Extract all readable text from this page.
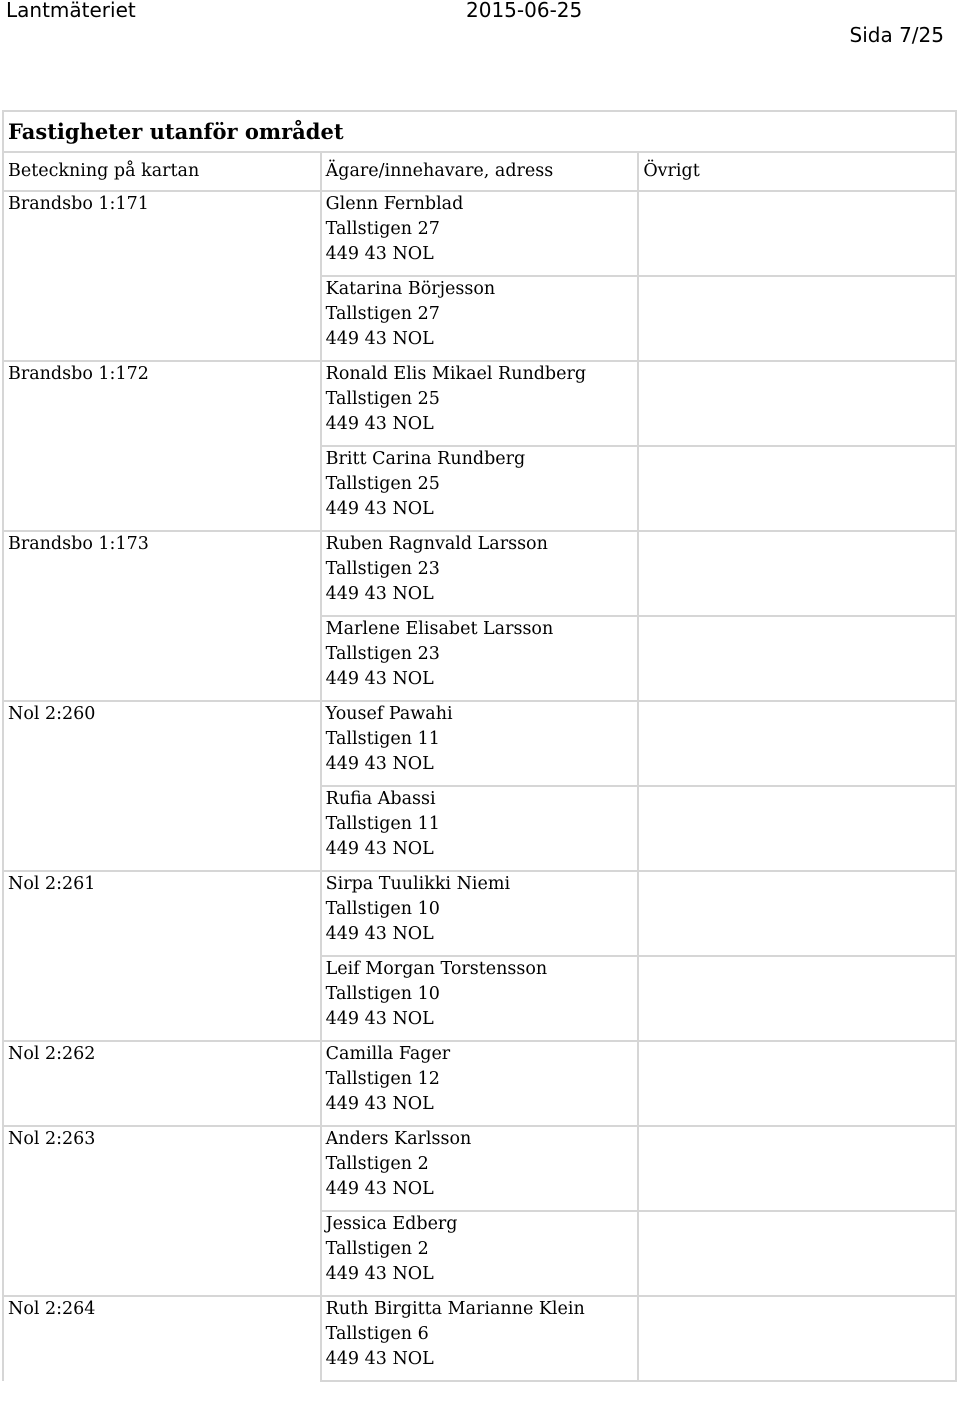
Lantmäteriet	2015-06-25
Sida 7/25
Fastigheter utanför området		
Beteckning på kartan	Ägare/innehavare, adress	Övrigt
Brandsbo 1:171	Glenn Fernblad
Tallstigen 27
449 43 NOL	

	Katarina Börjesson
Tallstigen 27
449 43 NOL	

Brandsbo 1:172	Ronald Elis Mikael Rundberg
Tallstigen 25
449 43 NOL	

	Britt Carina Rundberg
Tallstigen 25
449 43 NOL	

Brandsbo 1:173	Ruben Ragnvald Larsson
Tallstigen 23
449 43 NOL	

	Marlene Elisabet Larsson
Tallstigen 23
449 43 NOL	

Nol 2:260	Yousef Pawahi
Tallstigen 11
449 43 NOL	

	Rufia Abassi
Tallstigen 11
449 43 NOL	

Nol 2:261	Sirpa Tuulikki Niemi
Tallstigen 10
449 43 NOL	

	Leif Morgan Torstensson
Tallstigen 10
449 43 NOL	

Nol 2:262	Camilla Fager
Tallstigen 12
449 43 NOL	

Nol 2:263	Anders Karlsson
Tallstigen 2
449 43 NOL	

	Jessica Edberg
Tallstigen 2
449 43 NOL	

Nol 2:264	Ruth Birgitta Marianne Klein
Tallstigen 6
449 43 NOL	
